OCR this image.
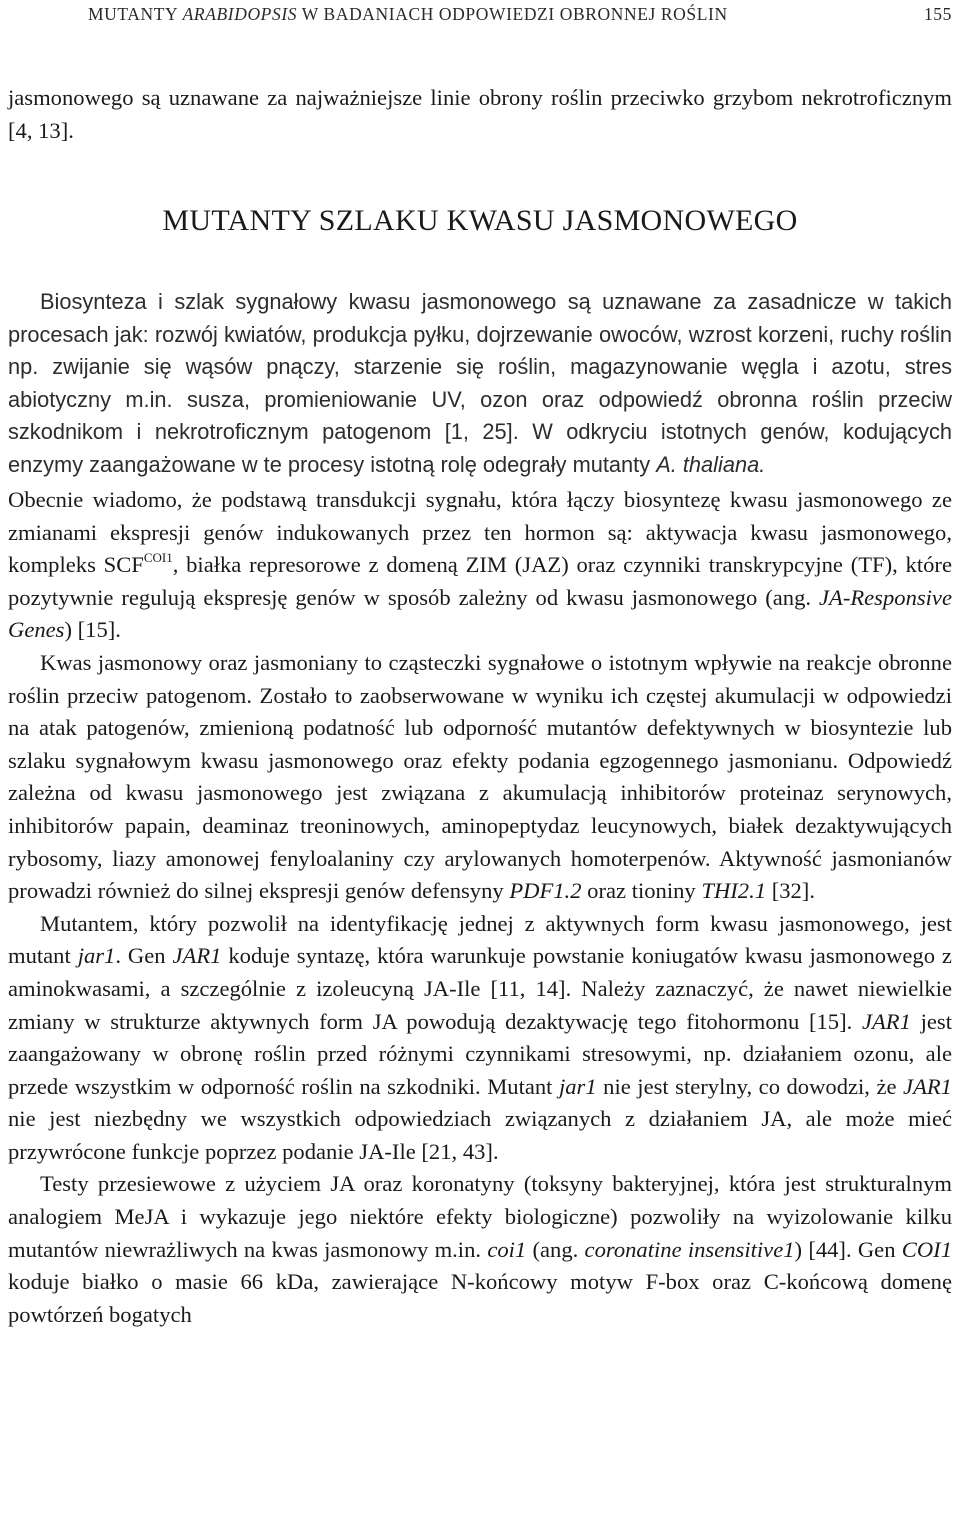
MUTANTY ARABIDOPSIS W BADANIACH ODPOWIEDZI OBRONNEJ ROŚLIN	155

jasmonowego są uznawane za najważniejsze linie obrony roślin przeciwko grzybom nekrotroficznym [4, 13].

MUTANTY SZLAKU KWASU JASMONOWEGO

Biosynteza i szlak sygnałowy kwasu jasmonowego są uznawane za zasadnicze w takich procesach jak: rozwój kwiatów, produkcja pyłku, dojrzewanie owoców, wzrost korzeni, ruchy roślin np. zwijanie się wąsów pnączy, starzenie się roślin, magazynowanie węgla i azotu, stres abiotyczny m.in. susza, promieniowanie UV, ozon oraz odpowiedź obronna roślin przeciw szkodnikom i nekrotroficznym patogenom [1, 25]. W odkryciu istotnych genów, kodujących enzymy zaangażowane w te procesy istotną rolę odegrały mutanty A. thaliana.

Obecnie wiadomo, że podstawą transdukcji sygnału, która łączy biosyntezę kwasu jasmonowego ze zmianami ekspresji genów indukowanych przez ten hormon są: aktywacja kwasu jasmonowego, kompleks $SCF^{COI1}$, białka represorowe z domeną ZIM (JAZ) oraz czynniki transkrypcyjne (TF), które pozytywnie regulują ekspresję genów w sposób zależny od kwasu jasmonowego (ang. JA-Responsive Genes) [15].

Kwas jasmonowy oraz jasmoniany to cząsteczki sygnałowe o istotnym wpływie na reakcje obronne roślin przeciw patogenom. Zostało to zaobserwowane w wyniku ich częstej akumulacji w odpowiedzi na atak patogenów, zmienioną podatność lub odporność mutantów defektywnych w biosyntezie lub szlaku sygnałowym kwasu jasmonowego oraz efekty podania egzogennego jasmonianu. Odpowiedź zależna od kwasu jasmonowego jest związana z akumulacją inhibitorów proteinaz serynowych, inhibitorów papain, deaminaz treoninowych, aminopeptydaz leucynowych, białek dezaktywujących rybosomy, liazy amonowej fenyloalaniny czy arylowanych homoterpenów. Aktywność jasmonianów prowadzi również do silnej ekspresji genów defensyny PDF1.2 oraz tioniny THI2.1 [32].

Mutantem, który pozwolił na identyfikację jednej z aktywnych form kwasu jasmonowego, jest mutant jar1. Gen JAR1 koduje syntazę, która warunkuje powstanie koniugatów kwasu jasmonowego z aminokwasami, a szczególnie z izoleucyną JA-Ile [11, 14]. Należy zaznaczyć, że nawet niewielkie zmiany w strukturze aktywnych form JA powodują dezaktywację tego fitohormonu [15]. JAR1 jest zaangażowany w obronę roślin przed różnymi czynnikami stresowymi, np. działaniem ozonu, ale przede wszystkim w odporność roślin na szkodniki. Mutant jar1 nie jest sterylny, co dowodzi, że JAR1 nie jest niezbędny we wszystkich odpowiedziach związanych z działaniem JA, ale może mieć przywrócone funkcje poprzez podanie JA-Ile [21, 43].

Testy przesiewowe z użyciem JA oraz koronatyny (toksyny bakteryjnej, która jest strukturalnym analogiem MeJA i wykazuje jego niektóre efekty biologiczne) pozwoliły na wyizolowanie kilku mutantów niewrażliwych na kwas jasmonowy m.in. coi1 (ang. coronatine insensitive1) [44]. Gen COI1 koduje białko o masie 66 kDa, zawierające N-końcowy motyw F-box oraz C-końcową domenę powtórzeń bogatych
